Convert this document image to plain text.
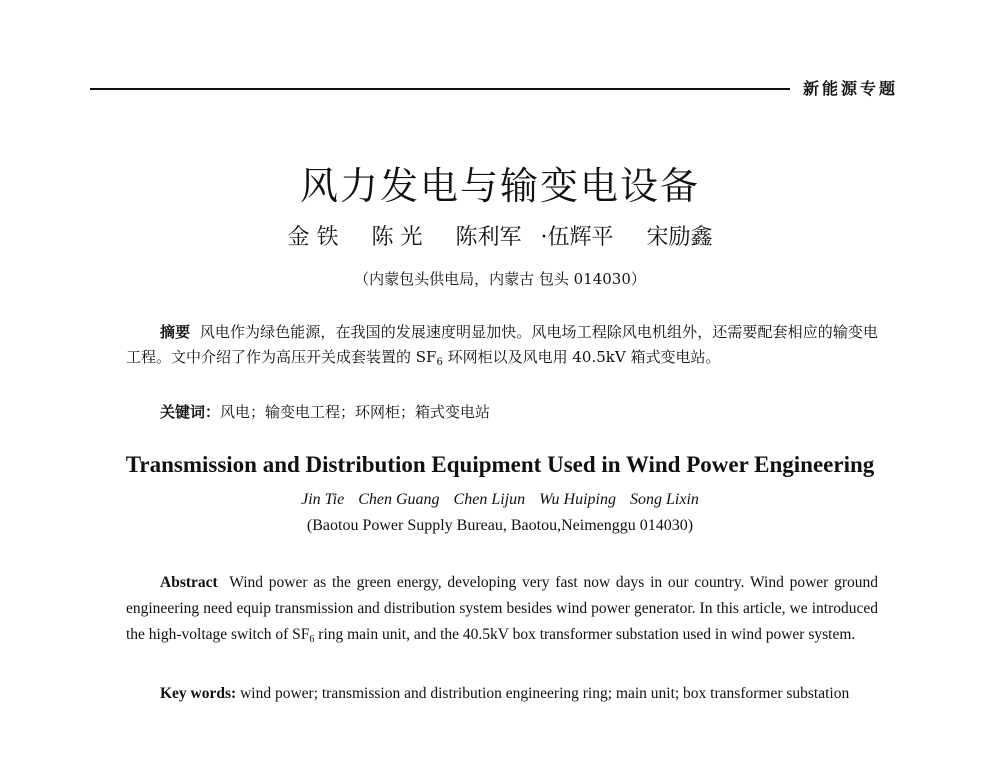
新能源专题
风力发电与输变电设备
金 铁 陈 光 陈利军 ·伍辉平 宋励鑫
（内蒙包头供电局，内蒙古 包头 014030）
摘要 风电作为绿色能源，在我国的发展速度明显加快。风电场工程除风电机组外，还需要配套相应的输变电工程。文中介绍了作为高压开关成套装置的 $SF_6$ 环网柜以及风电用 40.5kV 箱式变电站。
关键词：风电；输变电工程；环网柜；箱式变电站
Transmission and Distribution Equipment Used in Wind Power Engineering
Jin Tie Chen Guang Chen Lijun Wu Huiping Song Lixin
(Baotou Power Supply Bureau, Baotou,Neimenggu 014030)
Abstract Wind power as the green energy, developing very fast now days in our country. Wind power ground engineering need equip transmission and distribution system besides wind power generator. In this article, we introduced the high-voltage switch of $SF_6$ ring main unit, and the 40.5kV box transformer substation used in wind power system.
Key words: wind power; transmission and distribution engineering ring; main unit; box transformer substation
